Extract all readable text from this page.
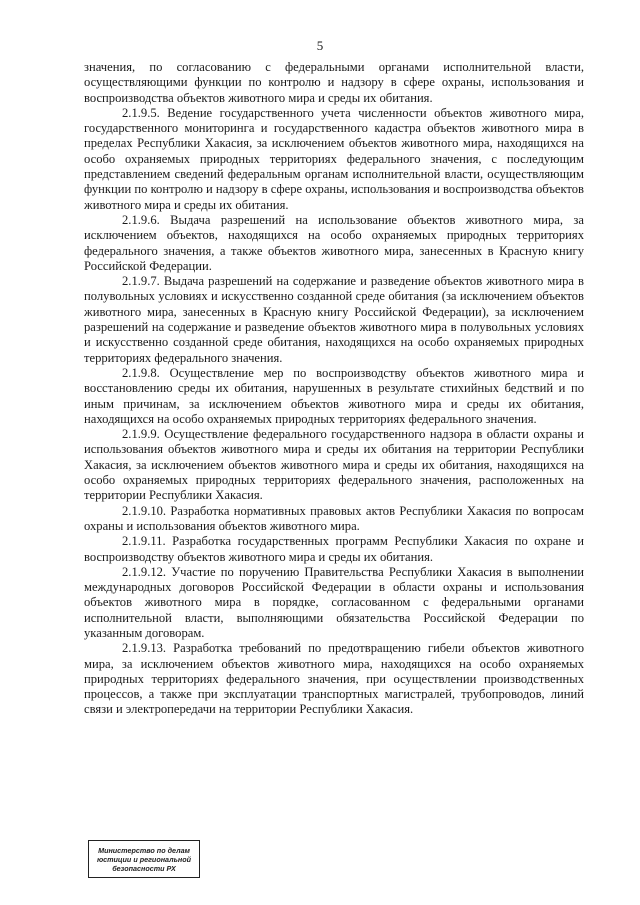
5

значения, по согласованию с федеральными органами исполнительной власти, осуществляющими функции по контролю и надзору в сфере охраны, использования и воспроизводства объектов животного мира и среды их обитания.

2.1.9.5. Ведение государственного учета численности объектов животного мира, государственного мониторинга и государственного кадастра объектов животного мира в пределах Республики Хакасия, за исключением объектов животного мира, находящихся на особо охраняемых природных территориях федерального значения, с последующим представлением сведений федеральным органам исполнительной власти, осуществляющим функции по контролю и надзору в сфере охраны, использования и воспроизводства объектов животного мира и среды их обитания.

2.1.9.6. Выдача разрешений на использование объектов животного мира, за исключением объектов, находящихся на особо охраняемых природных территориях федерального значения, а также объектов животного мира, занесенных в Красную книгу Российской Федерации.

2.1.9.7. Выдача разрешений на содержание и разведение объектов животного мира в полувольных условиях и искусственно созданной среде обитания (за исключением объектов животного мира, занесенных в Красную книгу Российской Федерации), за исключением разрешений на содержание и разведение объектов животного мира в полувольных условиях и искусственно созданной среде обитания, находящихся на особо охраняемых природных территориях федерального значения.

2.1.9.8. Осуществление мер по воспроизводству объектов животного мира и восстановлению среды их обитания, нарушенных в результате стихийных бедствий и по иным причинам, за исключением объектов животного мира и среды их обитания, находящихся на особо охраняемых природных территориях федерального значения.

2.1.9.9. Осуществление федерального государственного надзора в области охраны и использования объектов животного мира и среды их обитания на территории Республики Хакасия, за исключением объектов животного мира и среды их обитания, находящихся на особо охраняемых природных территориях федерального значения, расположенных на территории Республики Хакасия.

2.1.9.10. Разработка нормативных правовых актов Республики Хакасия по вопросам охраны и использования объектов животного мира.

2.1.9.11. Разработка государственных программ Республики Хакасия по охране и воспроизводству объектов животного мира и среды их обитания.

2.1.9.12. Участие по поручению Правительства Республики Хакасия в выполнении международных договоров Российской Федерации в области охраны и использования объектов животного мира в порядке, согласованном с федеральными органами исполнительной власти, выполняющими обязательства Российской Федерации по указанным договорам.

2.1.9.13. Разработка требований по предотвращению гибели объектов животного мира, за исключением объектов животного мира, находящихся на особо охраняемых природных территориях федерального значения, при осуществлении производственных процессов, а также при эксплуатации транспортных магистралей, трубопроводов, линий связи и электропередачи на территории Республики Хакасия.

Министерство по делам
юстиции и региональной
безопасности РХ
